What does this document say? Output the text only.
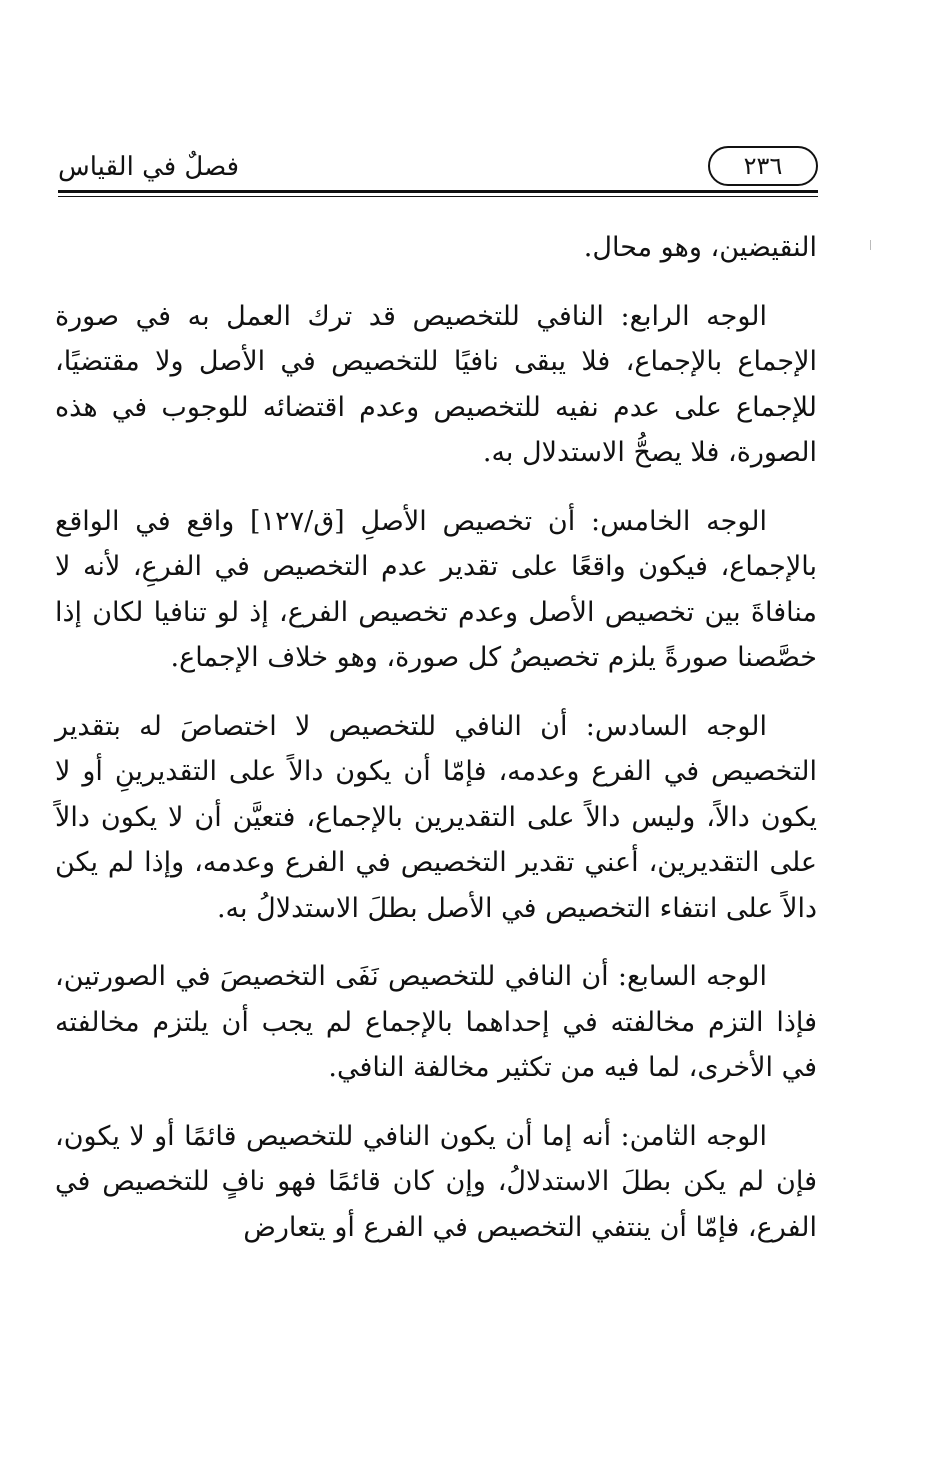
فصلٌ في القياس	٢٣٦

النقيضين، وهو محال.

الوجه الرابع: النافي للتخصيص قد ترك العمل به في صورة الإجماع بالإجماع، فلا يبقى نافيًا للتخصيص في الأصل ولا مقتضيًا، للإجماع على عدم نفيه للتخصيص وعدم اقتضائه للوجوب في هذه الصورة، فلا يصحُّ الاستدلال به.

الوجه الخامس: أن تخصيص الأصلِ [ق/١٢٧] واقع في الواقع بالإجماع، فيكون واقعًا على تقدير عدم التخصيص في الفرعِ، لأنه لا منافاةَ بين تخصيص الأصل وعدم تخصيص الفرع، إذ لو تنافيا لكان إذا خصَّصنا صورةً يلزم تخصيصُ كل صورة، وهو خلاف الإجماع.

الوجه السادس: أن النافي للتخصيص لا اختصاصَ له بتقدير التخصيص في الفرع وعدمه، فإمّا أن يكون دالاً على التقديرينِ أو لا يكون دالاً، وليس دالاً على التقديرين بالإجماع، فتعيَّن أن لا يكون دالاً على التقديرين، أعني تقدير التخصيص في الفرع وعدمه، وإذا لم يكن دالاً على انتفاء التخصيص في الأصل بطلَ الاستدلالُ به.

الوجه السابع: أن النافي للتخصيص نَفَى التخصيصَ في الصورتين، فإذا التزم مخالفته في إحداهما بالإجماع لم يجب أن يلتزم مخالفته في الأخرى، لما فيه من تكثير مخالفة النافي.

الوجه الثامن: أنه إما أن يكون النافي للتخصيص قائمًا أو لا يكون، فإن لم يكن بطلَ الاستدلالُ، وإن كان قائمًا فهو نافٍ للتخصيص في الفرع، فإمّا أن ينتفي التخصيص في الفرع أو يتعارض
